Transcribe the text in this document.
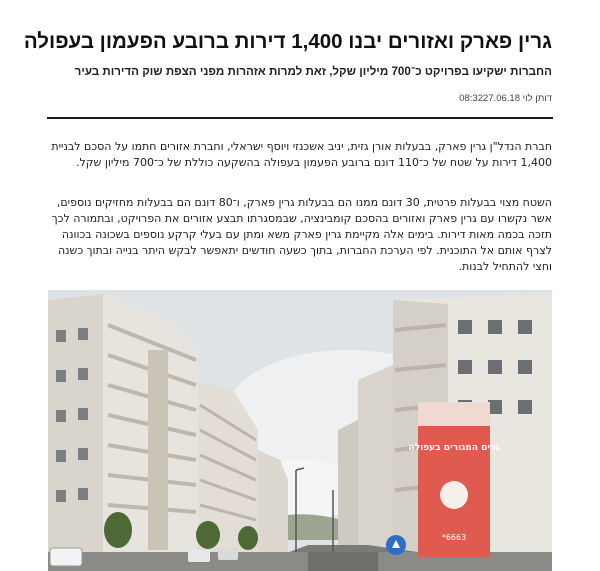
גרין פארק ואזורים יבנו 1,400 דירות ברובע הפעמון בעפולה
החברות ישקיעו בפרויקט כ־700 מיליון שקל, זאת למרות אזהרות מפני הצפת שוק הדירות בעיר
דותן לוי 08:3227.06.18

חברת הנדל"ן גרין פארק, בבעלות אורן גזית, יניב אשכנזי ויוסף ישראלי, וחברת אזורים חתמו על הסכם לבניית 1,400 דירות על שטח של כ־110 דונם ברובע הפעמון בעפולה בהשקעה כוללת של כ־700 מיליון שקל.

השטח מצוי בבעלות פרטית, 30 דונם ממנו הם בבעלות גרין פארק, ו־80 דונם הם בבעלות מחזיקים נוספים, אשר נקשרו עם גרין פארק ואזורים בהסכם קומבינציה, שבמסגרתו תבצע אזורים את הפרויקט, ובתמורה לכך תזכה בכמה מאות דירות. בימים אלה מקיימת גרין פארק משא ומתן עם בעלי קרקע נוספים בשכונה בכוונה לצרף אותם אל התוכנית. לפי הערכת החברות, בתוך כשעה חודשים יתאפשר לבקש היתר בנייה ובתוך כשנה וחצי להתחיל לבנות.

גרים המגורים בעפולה
*6663
